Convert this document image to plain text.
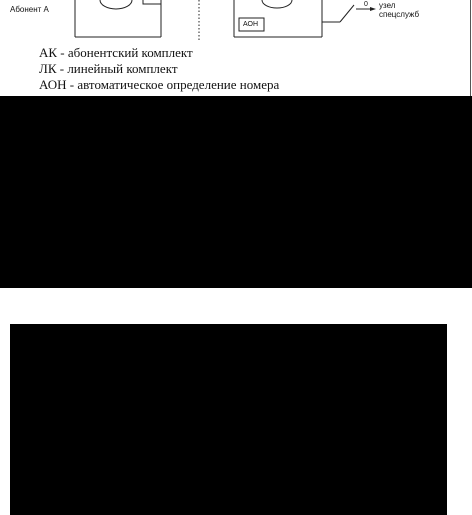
Абонент А
АОН
0 узел
спецслужб
АК - абонентский комплект
ЛК - линейный комплект
АОН - автоматическое определение номера
